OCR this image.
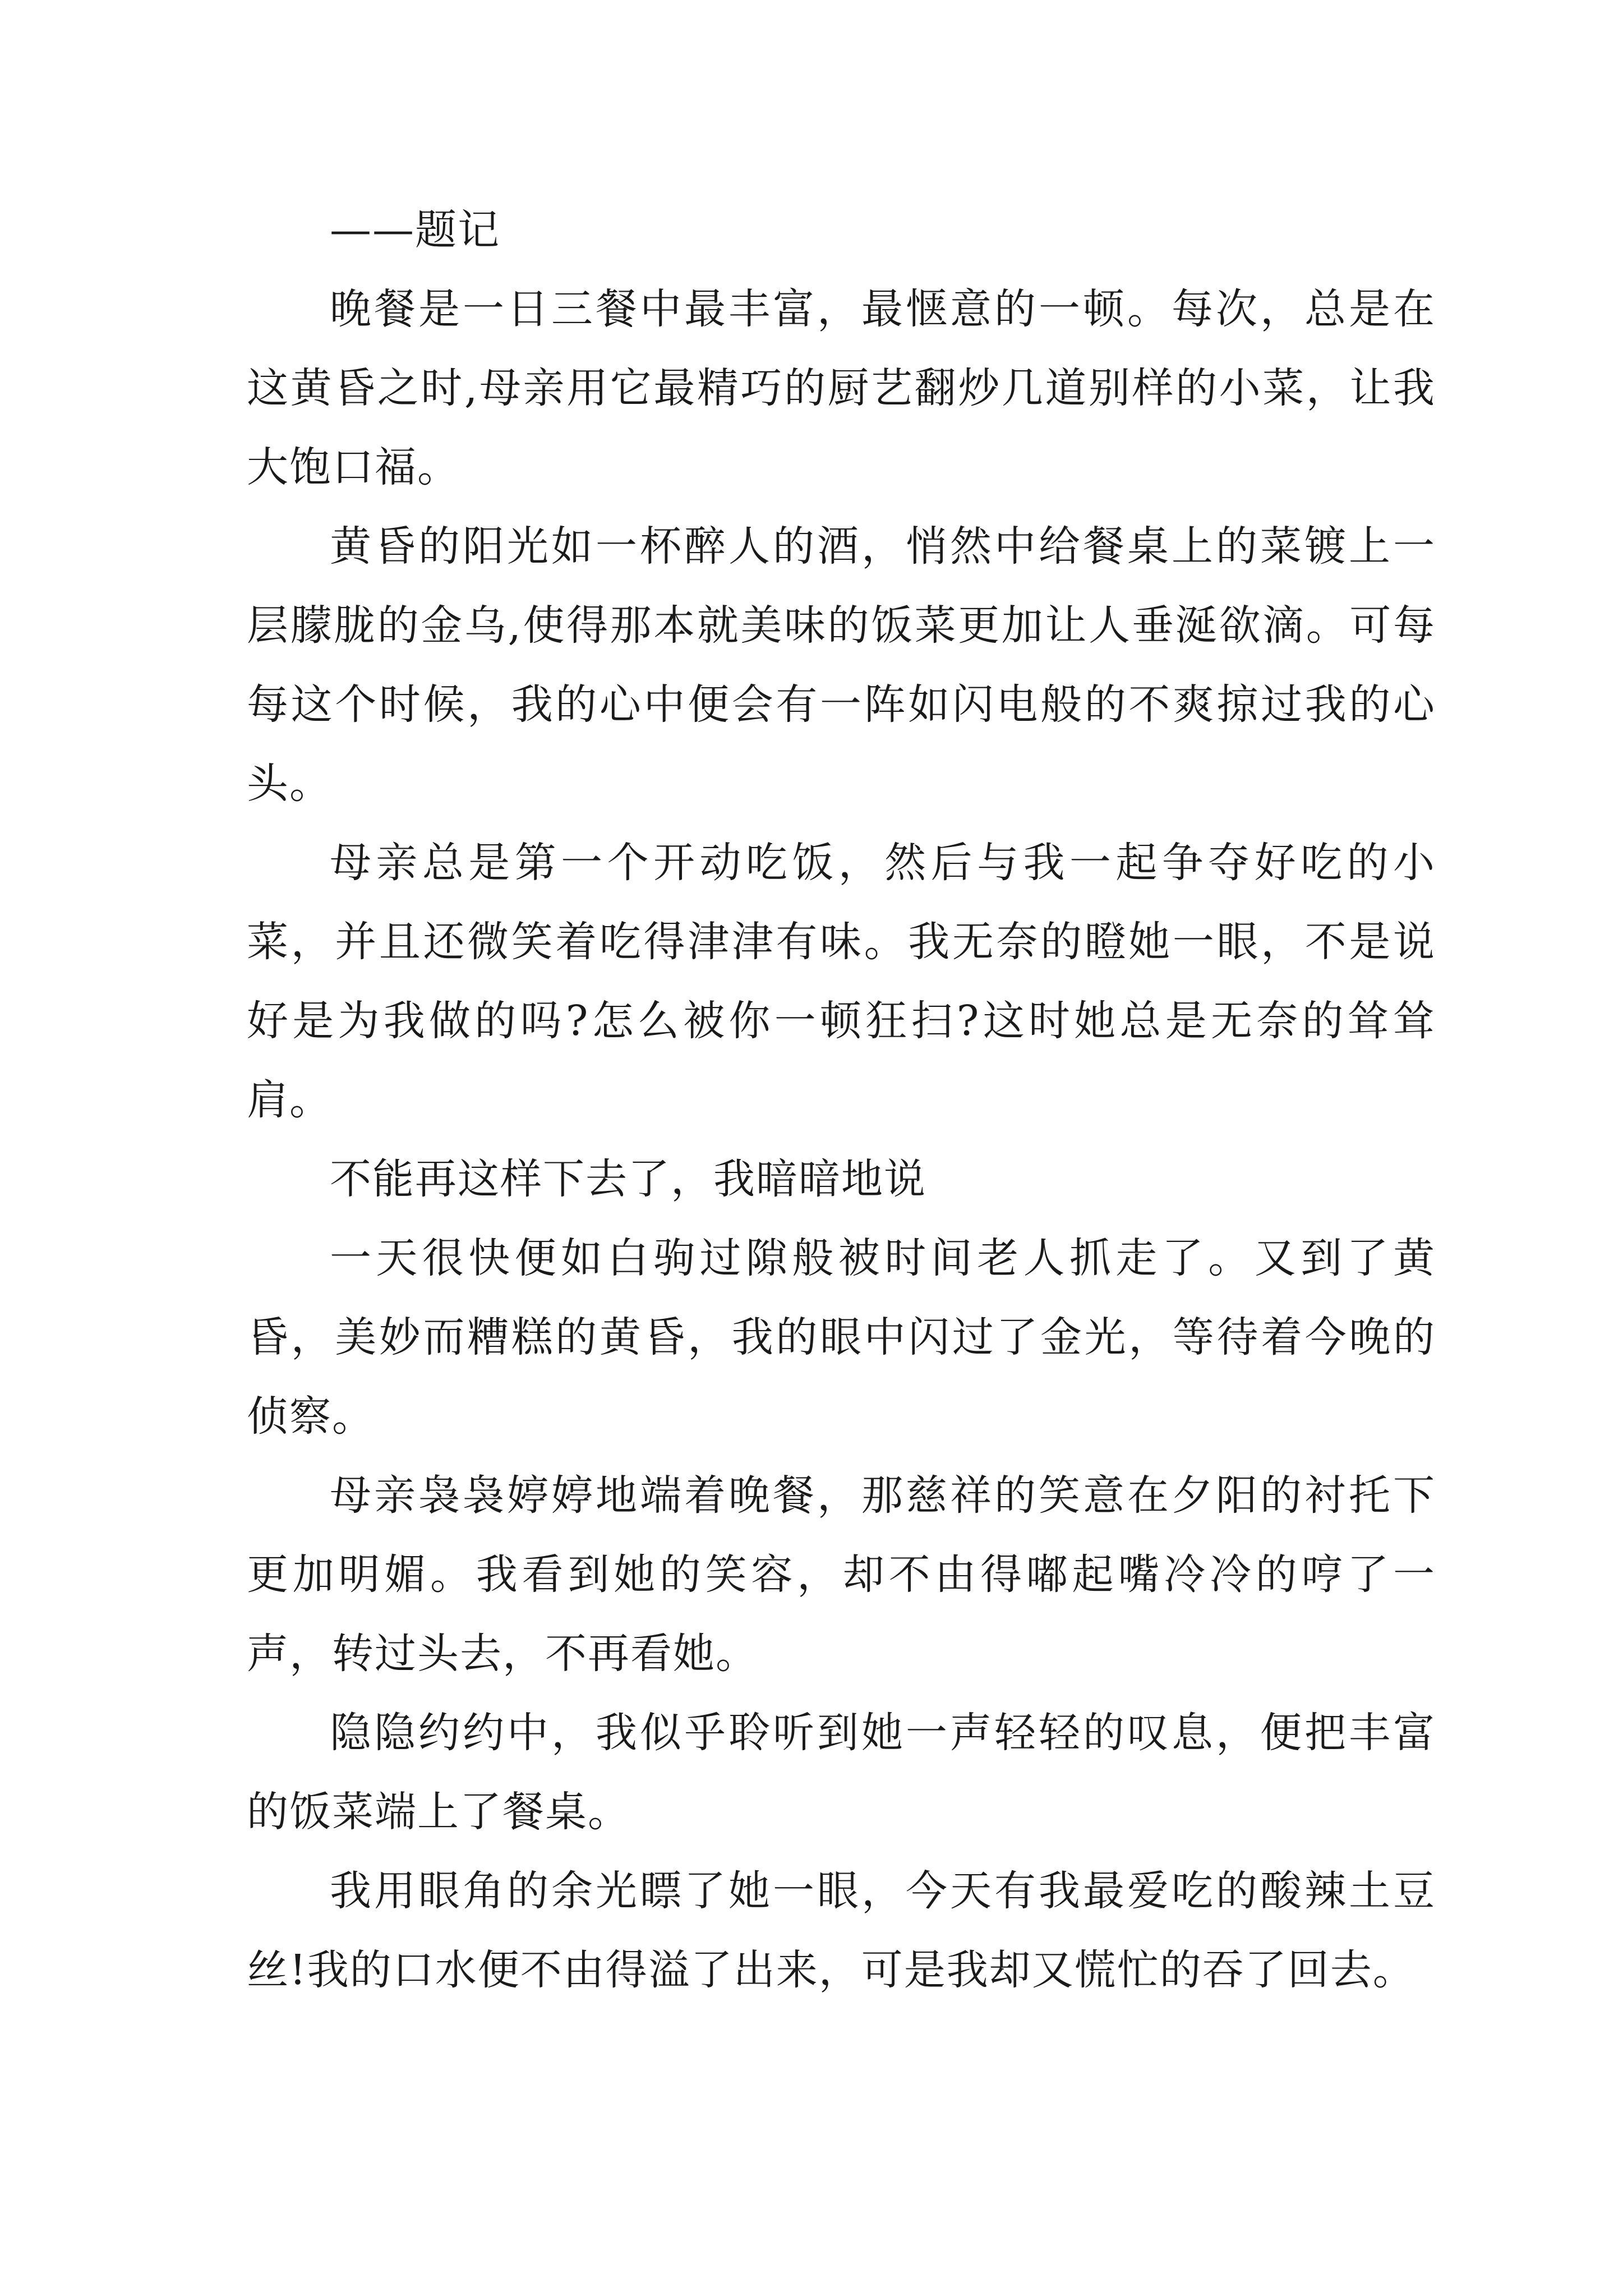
——题记

晚餐是一日三餐中最丰富，最惬意的一顿。每次，总是在这黄昏之时,母亲用它最精巧的厨艺翻炒几道别样的小菜，让我大饱口福。

黄昏的阳光如一杯醉人的酒，悄然中给餐桌上的菜镀上一层朦胧的金乌,使得那本就美味的饭菜更加让人垂涎欲滴。可每每这个时候，我的心中便会有一阵如闪电般的不爽掠过我的心头。

母亲总是第一个开动吃饭，然后与我一起争夺好吃的小菜，并且还微笑着吃得津津有味。我无奈的瞪她一眼，不是说好是为我做的吗?怎么被你一顿狂扫?这时她总是无奈的耸耸肩。

不能再这样下去了，我暗暗地说

一天很快便如白驹过隙般被时间老人抓走了。又到了黄昏，美妙而糟糕的黄昏，我的眼中闪过了金光，等待着今晚的侦察。

母亲袅袅婷婷地端着晚餐，那慈祥的笑意在夕阳的衬托下更加明媚。我看到她的笑容，却不由得嘟起嘴冷冷的哼了一声，转过头去，不再看她。

隐隐约约中，我似乎聆听到她一声轻轻的叹息，便把丰富的饭菜端上了餐桌。

我用眼角的余光瞟了她一眼，今天有我最爱吃的酸辣土豆丝!我的口水便不由得溢了出来，可是我却又慌忙的吞了回去。
